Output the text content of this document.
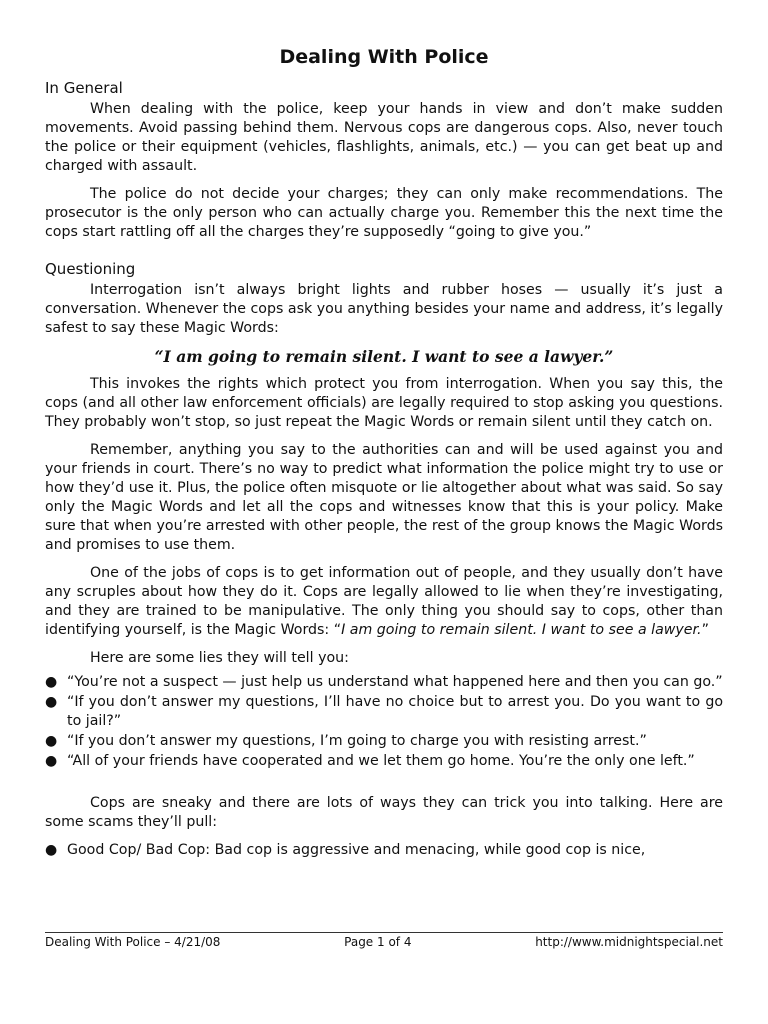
Dealing With Police
In General

When dealing with the police, keep your hands in view and don’t make sudden movements. Avoid passing behind them. Nervous cops are dangerous cops. Also, never touch the police or their equipment (vehicles, flashlights, animals, etc.) — you can get beat up and charged with assault.

The police do not decide your charges; they can only make recommendations. The prosecutor is the only person who can actually charge you. Remember this the next time the cops start rattling off all the charges they’re supposedly “going to give you.”

Questioning

Interrogation isn’t always bright lights and rubber hoses — usually it’s just a conversation. Whenever the cops ask you anything besides your name and address, it’s legally safest to say these Magic Words:

“I am going to remain silent. I want to see a lawyer.”

This invokes the rights which protect you from interrogation. When you say this, the cops (and all other law enforcement officials) are legally required to stop asking you questions. They probably won’t stop, so just repeat the Magic Words or remain silent until they catch on.

Remember, anything you say to the authorities can and will be used against you and your friends in court. There’s no way to predict what information the police might try to use or how they’d use it. Plus, the police often misquote or lie altogether about what was said. So say only the Magic Words and let all the cops and witnesses know that this is your policy. Make sure that when you’re arrested with other people, the rest of the group knows the Magic Words and promises to use them.

One of the jobs of cops is to get information out of people, and they usually don’t have any scruples about how they do it. Cops are legally allowed to lie when they’re investigating, and they are trained to be manipulative. The only thing you should say to cops, other than identifying yourself, is the Magic Words: “I am going to remain silent. I want to see a lawyer.”

Here are some lies they will tell you:

● “You’re not a suspect — just help us understand what happened here and then you can go.”
● “If you don’t answer my questions, I’ll have no choice but to arrest you. Do you want to go to jail?”
● “If you don’t answer my questions, I’m going to charge you with resisting arrest.”
● “All of your friends have cooperated and we let them go home. You’re the only one left.”

Cops are sneaky and there are lots of ways they can trick you into talking. Here are some scams they’ll pull:

● Good Cop/ Bad Cop: Bad cop is aggressive and menacing, while good cop is nice,
Dealing With Police – 4/21/08	Page 1 of 4	http://www.midnightspecial.net
